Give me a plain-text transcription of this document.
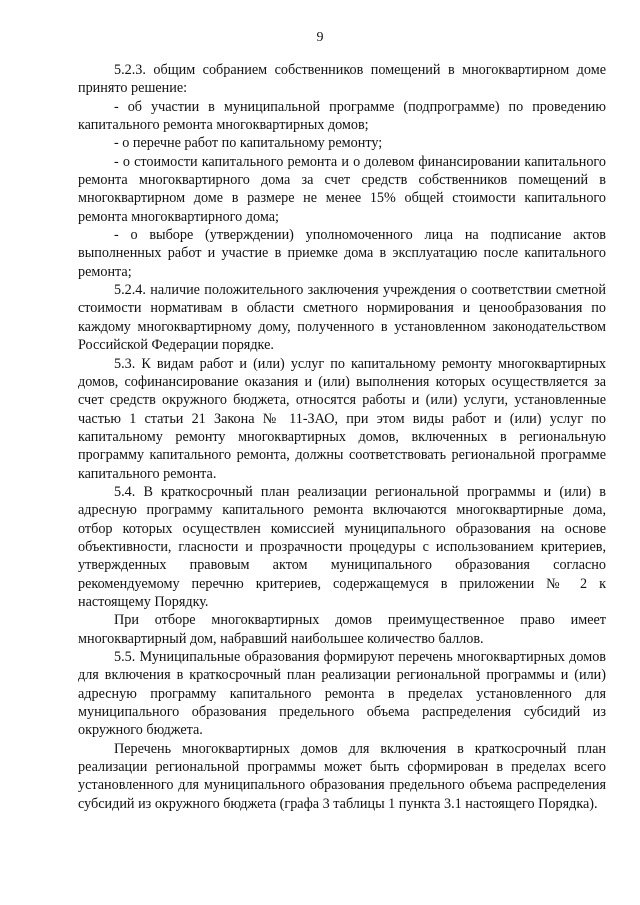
9

5.2.3. общим собранием собственников помещений в многоквартирном доме принято решение:

- об участии в муниципальной программе (подпрограмме) по проведению капитального ремонта многоквартирных домов;

- о перечне работ по капитальному ремонту;

- о стоимости капитального ремонта и о долевом финансировании капитального ремонта многоквартирного дома за счет средств собственников помещений в многоквартирном доме в размере не менее 15% общей стоимости капитального ремонта многоквартирного дома;

- о выборе (утверждении) уполномоченного лица на подписание актов выполненных работ и участие в приемке дома в эксплуатацию после капитального ремонта;

5.2.4. наличие положительного заключения учреждения о соответствии сметной стоимости нормативам в области сметного нормирования и ценообразования по каждому многоквартирному дому, полученного в установленном законодательством Российской Федерации порядке.

5.3. К видам работ и (или) услуг по капитальному ремонту многоквартирных домов, софинансирование оказания и (или) выполнения которых осуществляется за счет средств окружного бюджета, относятся работы и (или) услуги, установленные частью 1 статьи 21 Закона № 11-ЗАО, при этом виды работ и (или) услуг по капитальному ремонту многоквартирных домов, включенных в региональную программу капитального ремонта, должны соответствовать региональной программе капитального ремонта.

5.4. В краткосрочный план реализации региональной программы и (или) в адресную программу капитального ремонта включаются многоквартирные дома, отбор которых осуществлен комиссией муниципального образования на основе объективности, гласности и прозрачности процедуры с использованием критериев, утвержденных правовым актом муниципального образования согласно рекомендуемому перечню критериев, содержащемуся в приложении № 2 к настоящему Порядку.

При отборе многоквартирных домов преимущественное право имеет многоквартирный дом, набравший наибольшее количество баллов.

5.5. Муниципальные образования формируют перечень многоквартирных домов для включения в краткосрочный план реализации региональной программы и (или) адресную программу капитального ремонта в пределах установленного для муниципального образования предельного объема распределения субсидий из окружного бюджета.

Перечень многоквартирных домов для включения в краткосрочный план реализации региональной программы может быть сформирован в пределах всего установленного для муниципального образования предельного объема распределения субсидий из окружного бюджета (графа 3 таблицы 1 пункта 3.1 настоящего Порядка).
